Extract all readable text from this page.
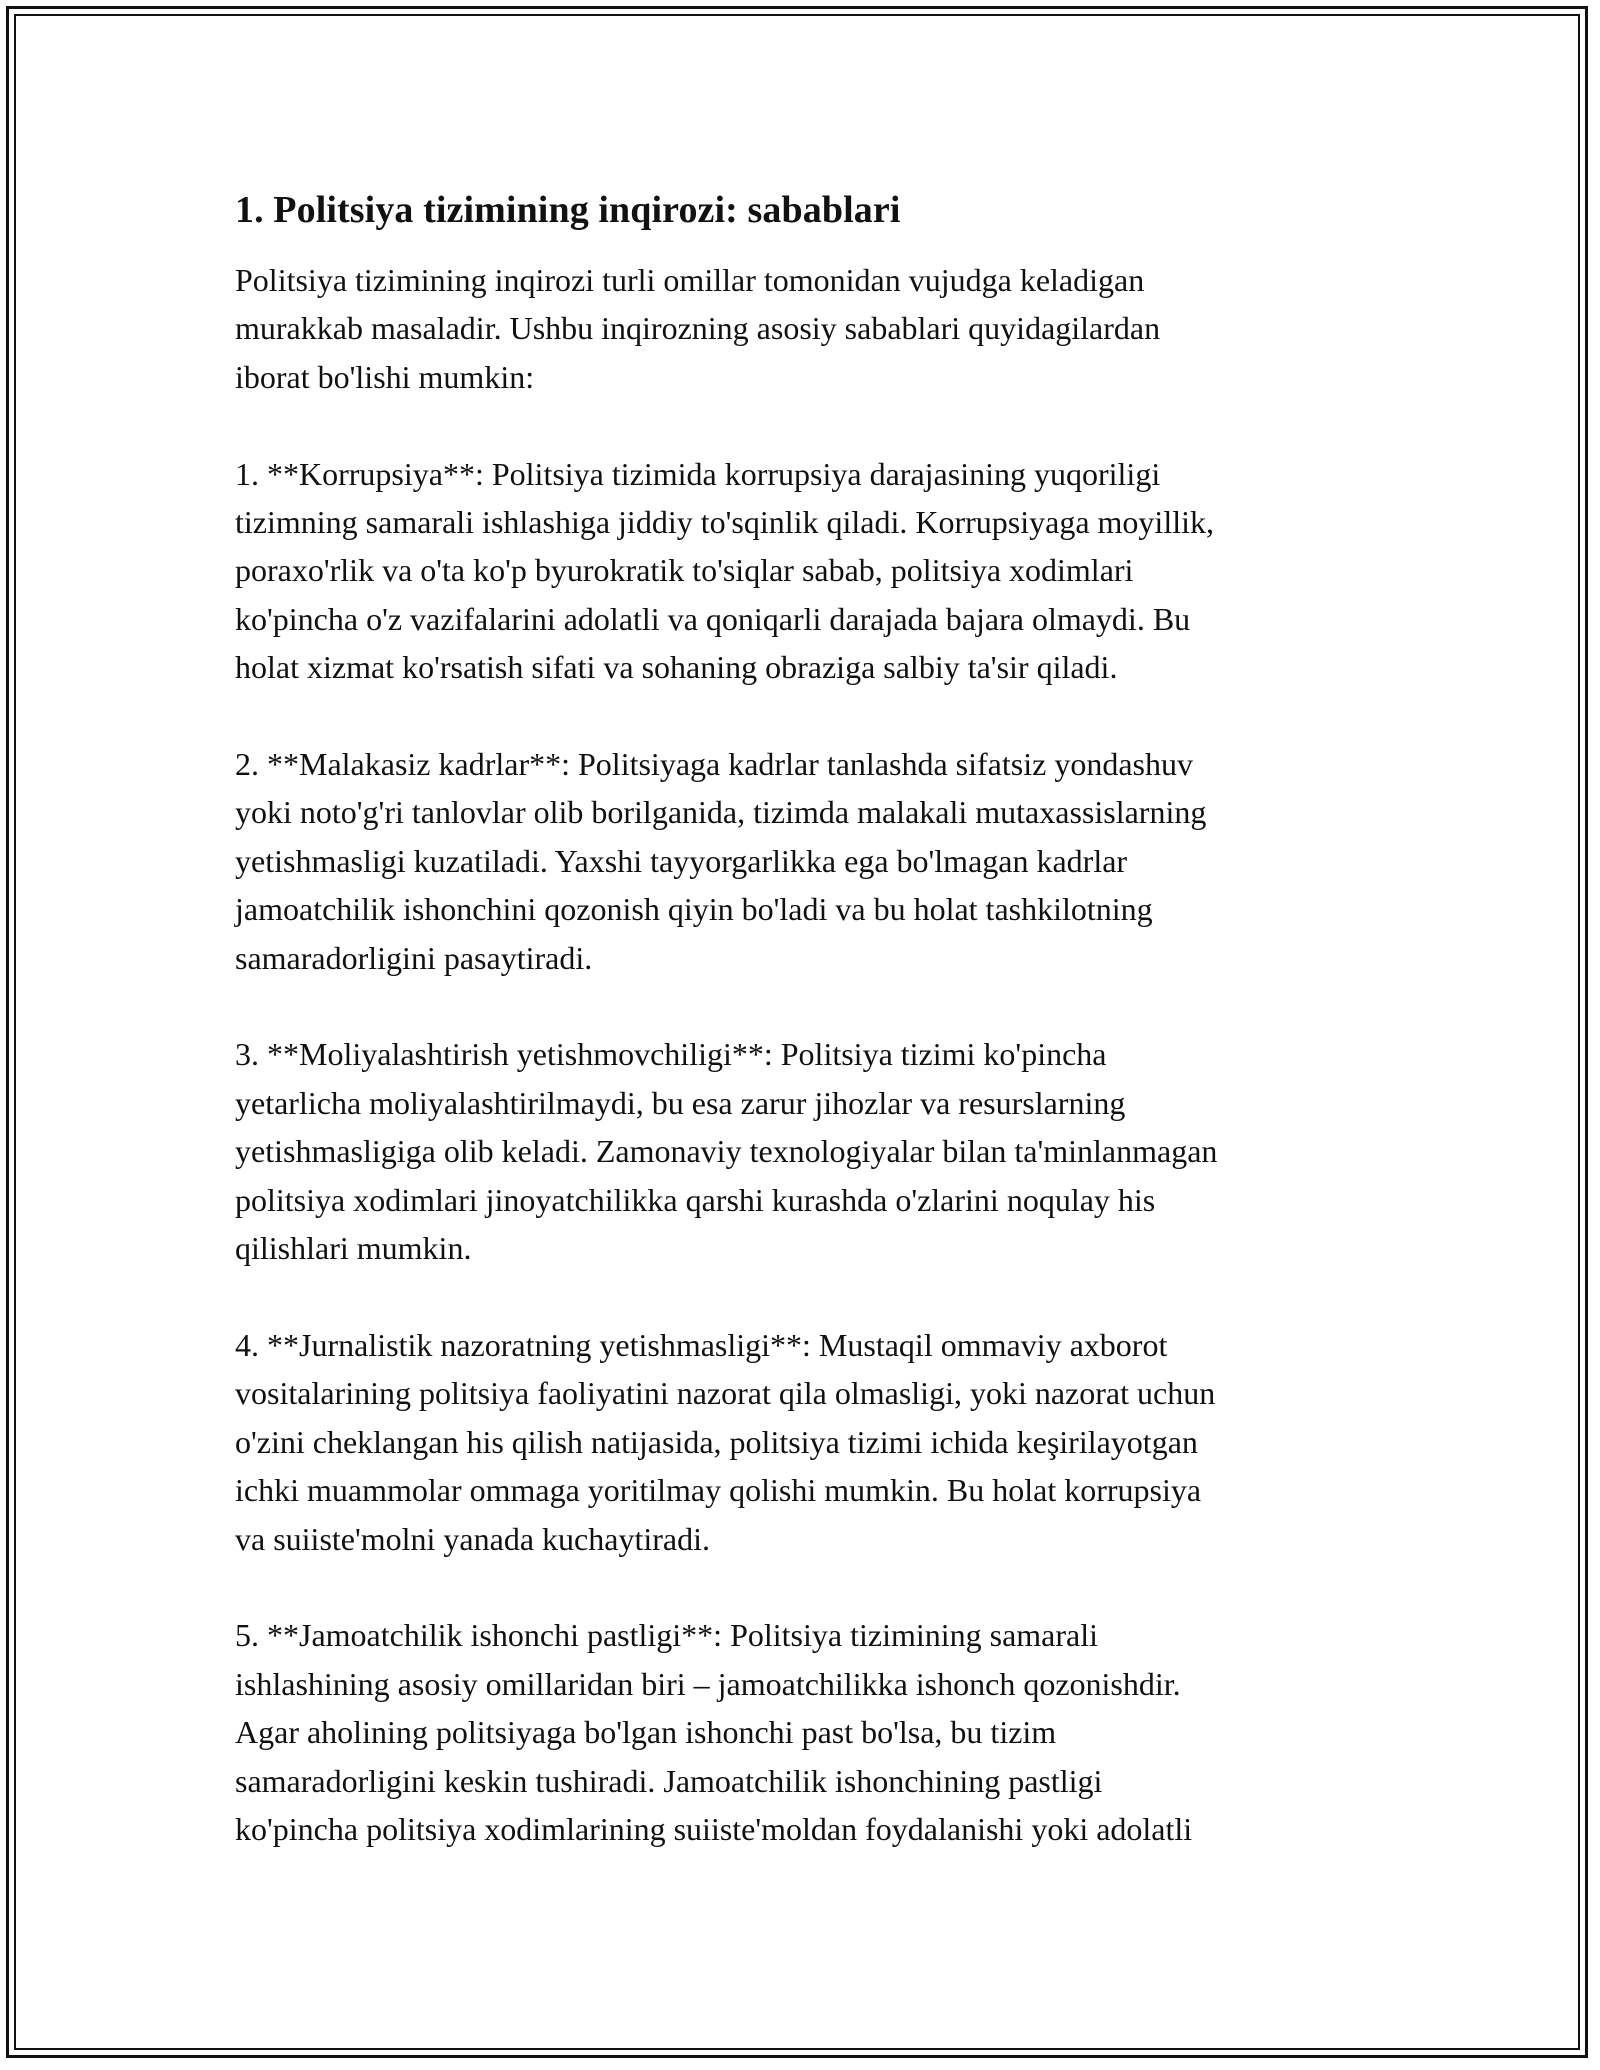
1. Politsiya tizimining inqirozi: sabablari
Politsiya tizimining inqirozi turli omillar tomonidan vujudga keladigan
murakkab masaladir. Ushbu inqirozning asosiy sabablari quyidagilardan
iborat bo'lishi mumkin:
1. **Korrupsiya**: Politsiya tizimida korrupsiya darajasining yuqoriligi
tizimning samarali ishlashiga jiddiy to'sqinlik qiladi. Korrupsiyaga moyillik,
poraxo'rlik va o'ta ko'p byurokratik to'siqlar sabab, politsiya xodimlari
ko'pincha o'z vazifalarini adolatli va qoniqarli darajada bajara olmaydi. Bu
holat xizmat ko'rsatish sifati va sohaning obraziga salbiy ta'sir qiladi.
2. **Malakasiz kadrlar**: Politsiyaga kadrlar tanlashda sifatsiz yondashuv
yoki noto'g'ri tanlovlar olib borilganida, tizimda malakali mutaxassislarning
yetishmasligi kuzatiladi. Yaxshi tayyorgarlikka ega bo'lmagan kadrlar
jamoatchilik ishonchini qozonish qiyin bo'ladi va bu holat tashkilotning
samaradorligini pasaytiradi.
3. **Moliyalashtirish yetishmovchiligi**: Politsiya tizimi ko'pincha
yetarlicha moliyalashtirilmaydi, bu esa zarur jihozlar va resurslarning
yetishmasligiga olib keladi. Zamonaviy texnologiyalar bilan ta'minlanmagan
politsiya xodimlari jinoyatchilikka qarshi kurashda o'zlarini noqulay his
qilishlari mumkin.
4. **Jurnalistik nazoratning yetishmasligi**: Mustaqil ommaviy axborot
vositalarining politsiya faoliyatini nazorat qila olmasligi, yoki nazorat uchun
o'zini cheklangan his qilish natijasida, politsiya tizimi ichida keşirilayotgan
ichki muammolar ommaga yoritilmay qolishi mumkin. Bu holat korrupsiya
va suiiste'molni yanada kuchaytiradi.
5. **Jamoatchilik ishonchi pastligi**: Politsiya tizimining samarali
ishlashining asosiy omillaridan biri – jamoatchilikka ishonch qozonishdir.
Agar aholining politsiyaga bo'lgan ishonchi past bo'lsa, bu tizim
samaradorligini keskin tushiradi. Jamoatchilik ishonchining pastligi
ko'pincha politsiya xodimlarining suiiste'moldan foydalanishi yoki adolatli
